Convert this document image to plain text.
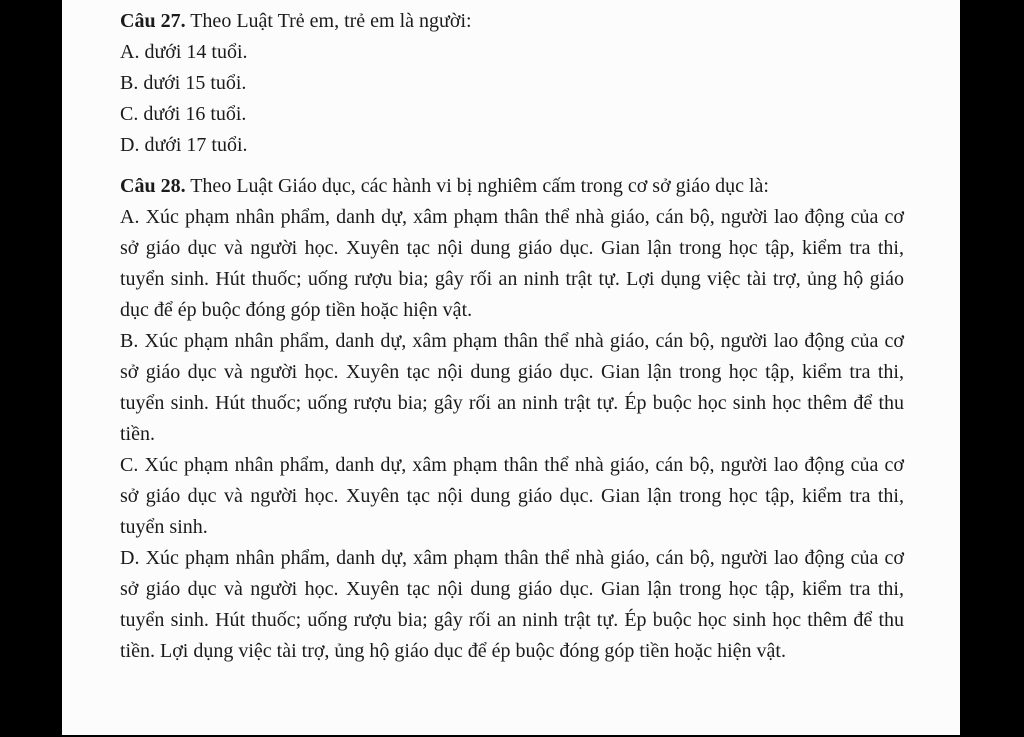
Câu 27. Theo Luật Trẻ em, trẻ em là người:

A. dưới 14 tuổi.

B. dưới 15 tuổi.

C. dưới 16 tuổi.

D. dưới 17 tuổi.

Câu 28. Theo Luật Giáo dục, các hành vi bị nghiêm cấm trong cơ sở giáo dục là:

A. Xúc phạm nhân phẩm, danh dự, xâm phạm thân thể nhà giáo, cán bộ, người lao động của cơ sở giáo dục và người học. Xuyên tạc nội dung giáo dục. Gian lận trong học tập, kiểm tra thi, tuyển sinh. Hút thuốc; uống rượu bia; gây rối an ninh trật tự. Lợi dụng việc tài trợ, ủng hộ giáo dục để ép buộc đóng góp tiền hoặc hiện vật.

B. Xúc phạm nhân phẩm, danh dự, xâm phạm thân thể nhà giáo, cán bộ, người lao động của cơ sở giáo dục và người học. Xuyên tạc nội dung giáo dục. Gian lận trong học tập, kiểm tra thi, tuyển sinh. Hút thuốc; uống rượu bia; gây rối an ninh trật tự. Ép buộc học sinh học thêm để thu tiền.

C. Xúc phạm nhân phẩm, danh dự, xâm phạm thân thể nhà giáo, cán bộ, người lao động của cơ sở giáo dục và người học. Xuyên tạc nội dung giáo dục. Gian lận trong học tập, kiểm tra thi, tuyển sinh.

D. Xúc phạm nhân phẩm, danh dự, xâm phạm thân thể nhà giáo, cán bộ, người lao động của cơ sở giáo dục và người học. Xuyên tạc nội dung giáo dục. Gian lận trong học tập, kiểm tra thi, tuyển sinh. Hút thuốc; uống rượu bia; gây rối an ninh trật tự. Ép buộc học sinh học thêm để thu tiền. Lợi dụng việc tài trợ, ủng hộ giáo dục để ép buộc đóng góp tiền hoặc hiện vật.
